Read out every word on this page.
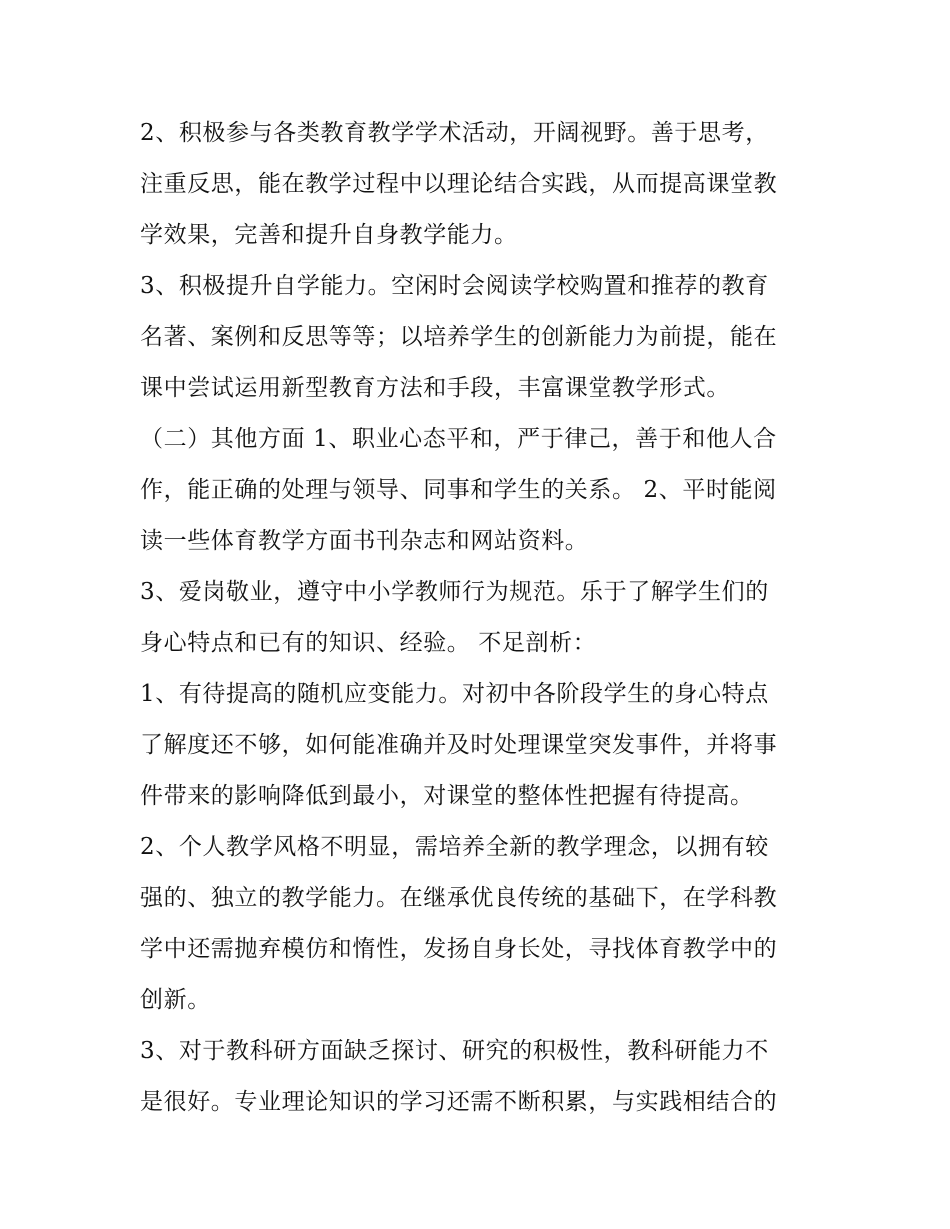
2、积极参与各类教育教学学术活动，开阔视野。善于思考，
注重反思，能在教学过程中以理论结合实践，从而提高课堂教
学效果，完善和提升自身教学能力。
3、积极提升自学能力。空闲时会阅读学校购置和推荐的教育
名著、案例和反思等等；以培养学生的创新能力为前提，能在
课中尝试运用新型教育方法和手段，丰富课堂教学形式。
（二）其他方面 1、职业心态平和，严于律己，善于和他人合
作，能正确的处理与领导、同事和学生的关系。 2、平时能阅
读一些体育教学方面书刊杂志和网站资料。
3、爱岗敬业，遵守中小学教师行为规范。乐于了解学生们的
身心特点和已有的知识、经验。 不足剖析：
1、有待提高的随机应变能力。对初中各阶段学生的身心特点
了解度还不够，如何能准确并及时处理课堂突发事件，并将事
件带来的影响降低到最小，对课堂的整体性把握有待提高。
2、个人教学风格不明显，需培养全新的教学理念，以拥有较
强的、独立的教学能力。在继承优良传统的基础下，在学科教
学中还需抛弃模仿和惰性，发扬自身长处，寻找体育教学中的
创新。
3、对于教科研方面缺乏探讨、研究的积极性，教科研能力不
是很好。专业理论知识的学习还需不断积累，与实践相结合的
